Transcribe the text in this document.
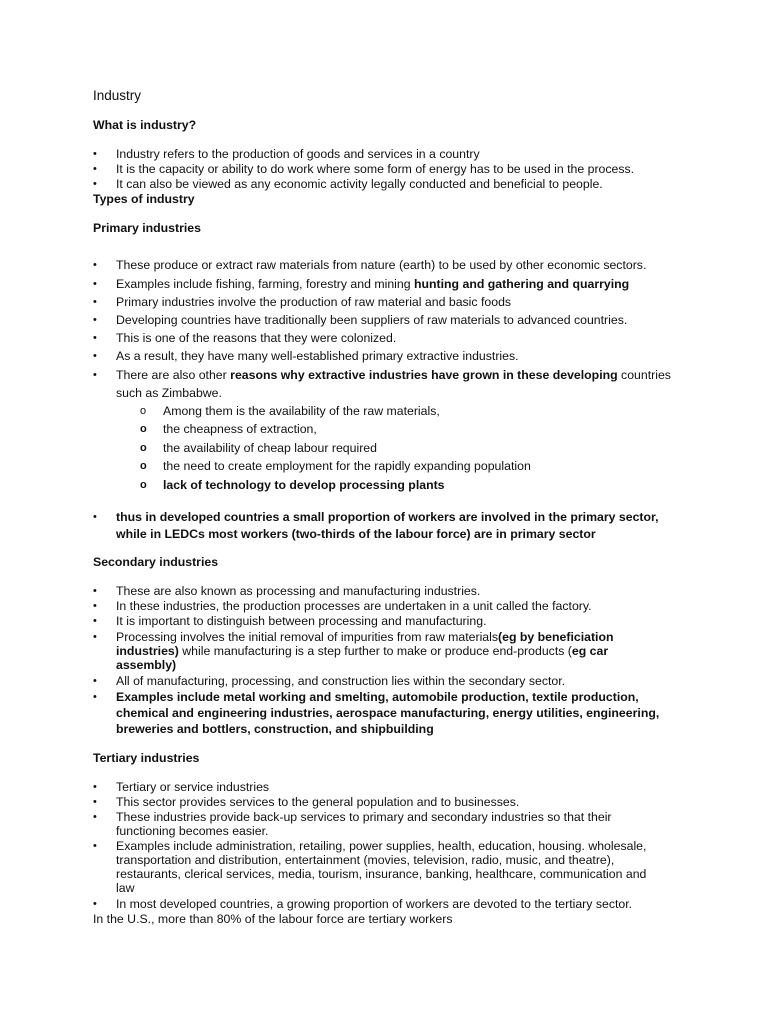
Industry
What is industry?
• Industry refers to the production of goods and services in a country
• It is the capacity or ability to do work where some form of energy has to be used in the process.
• It can also be viewed as any economic activity legally conducted and beneficial to people.
Types of industry
Primary industries
• These produce or extract raw materials from nature (earth) to be used by other economic sectors.
• Examples include fishing, farming, forestry and mining hunting and gathering and quarrying
• Primary industries involve the production of raw material and basic foods
• Developing countries have traditionally been suppliers of raw materials to advanced countries.
• This is one of the reasons that they were colonized.
• As a result, they have many well-established primary extractive industries.
• There are also other reasons why extractive industries have grown in these developing countries
such as Zimbabwe.
o Among them is the availability of the raw materials,
o the cheapness of extraction,
o the availability of cheap labour required
o the need to create employment for the rapidly expanding population
o lack of technology to develop processing plants
• thus in developed countries a small proportion of workers are involved in the primary sector,
while in LEDCs most workers (two-thirds of the labour force) are in primary sector
Secondary industries
• These are also known as processing and manufacturing industries.
• In these industries, the production processes are undertaken in a unit called the factory.
• It is important to distinguish between processing and manufacturing.
• Processing involves the initial removal of impurities from raw materials(eg by beneficiation
industries) while manufacturing is a step further to make or produce end-products (eg car
assembly)
• All of manufacturing, processing, and construction lies within the secondary sector.
• Examples include metal working and smelting, automobile production, textile production,
chemical and engineering industries, aerospace manufacturing, energy utilities, engineering,
breweries and bottlers, construction, and shipbuilding
Tertiary industries
• Tertiary or service industries
• This sector provides services to the general population and to businesses.
• These industries provide back-up services to primary and secondary industries so that their
functioning becomes easier.
• Examples include administration, retailing, power supplies, health, education, housing. wholesale,
transportation and distribution, entertainment (movies, television, radio, music, and theatre),
restaurants, clerical services, media, tourism, insurance, banking, healthcare, communication and
law
• In most developed countries, a growing proportion of workers are devoted to the tertiary sector.
In the U.S., more than 80% of the labour force are tertiary workers
